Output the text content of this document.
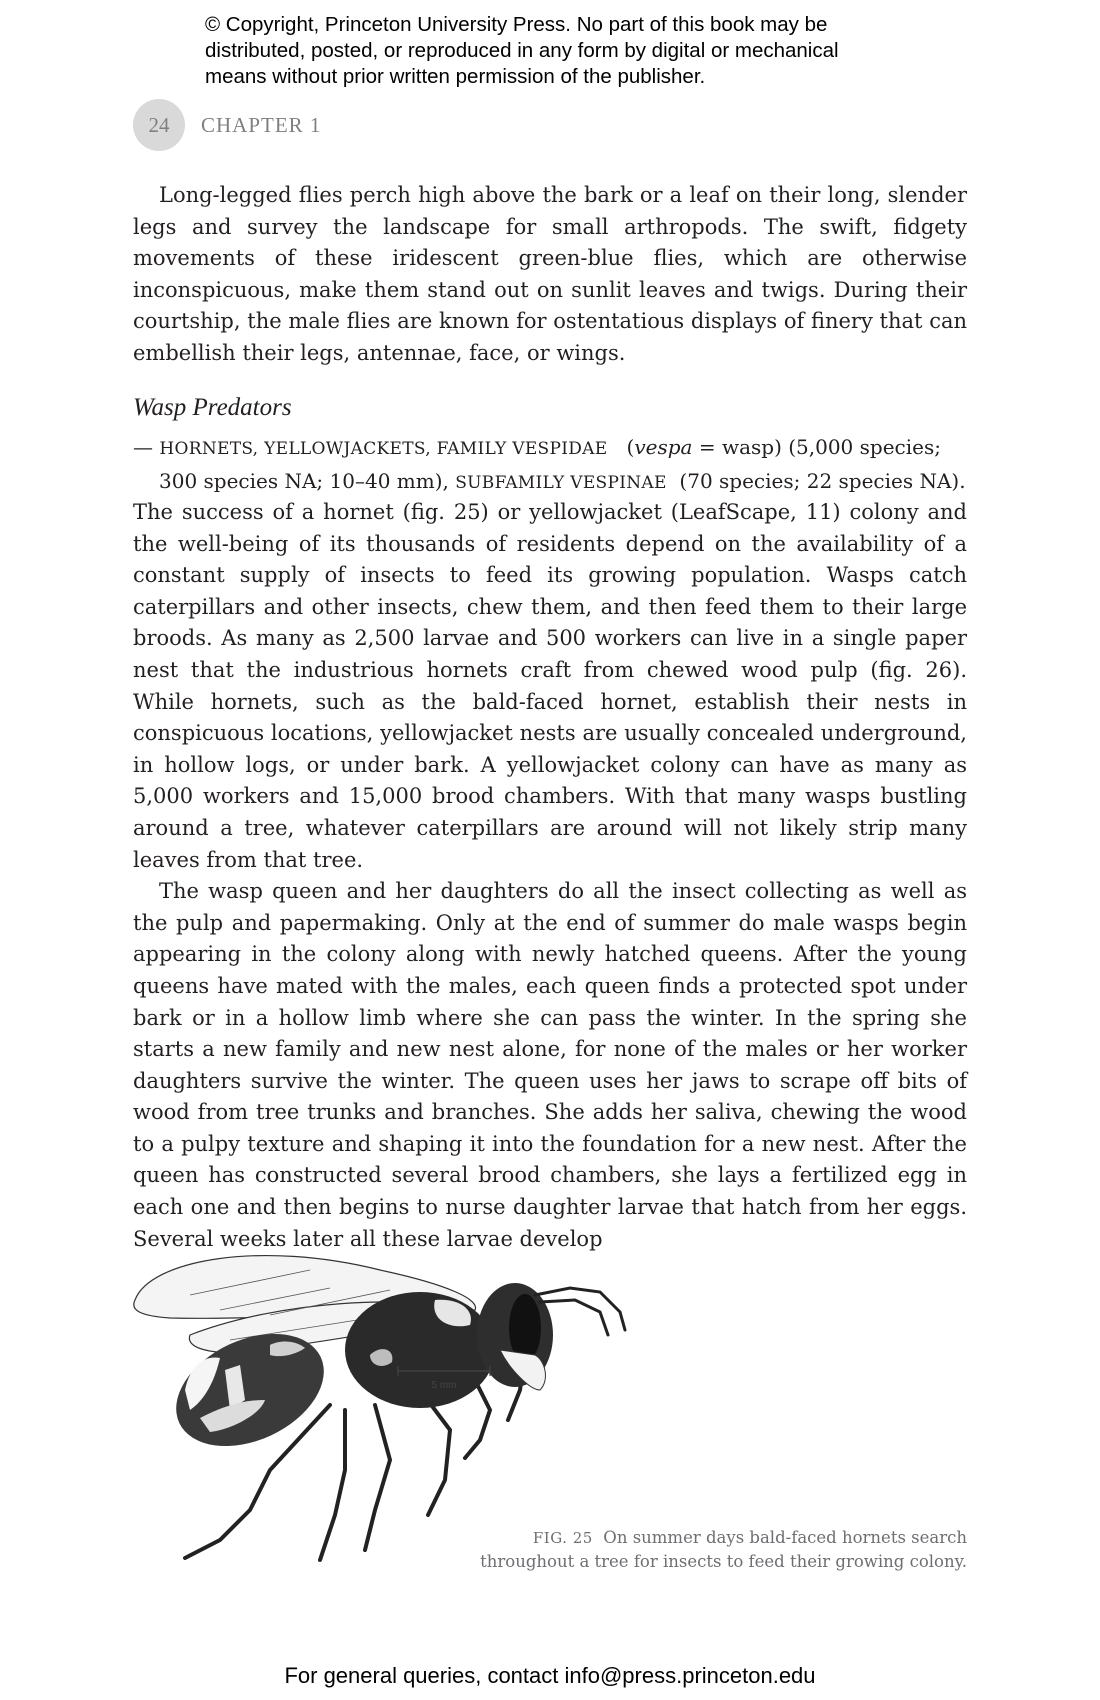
© Copyright, Princeton University Press. No part of this book may be
distributed, posted, or reproduced in any form by digital or mechanical
means without prior written permission of the publisher.
24	CHAPTER 1

Long-legged flies perch high above the bark or a leaf on their long, slender legs and survey the landscape for small arthropods. The swift, fidgety movements of these iridescent green-blue flies, which are otherwise inconspicuous, make them stand out on sunlit leaves and twigs. During their courtship, the male flies are known for ostentatious displays of finery that can embellish their legs, antennae, face, or wings.

Wasp Predators
— HORNETS, YELLOWJACKETS, FAMILY VESPIDAE (vespa = wasp) (5,000 species;
300 species NA; 10–40 mm), SUBFAMILY VESPINAE (70 species; 22 species NA).

The success of a hornet (fig. 25) or yellowjacket (LeafScape, 11) colony and the well-being of its thousands of residents depend on the availability of a constant supply of insects to feed its growing population. Wasps catch caterpillars and other insects, chew them, and then feed them to their large broods. As many as 2,500 larvae and 500 workers can live in a single paper nest that the industrious hornets craft from chewed wood pulp (fig. 26). While hornets, such as the bald-faced hornet, establish their nests in conspicuous locations, yellowjacket nests are usually concealed underground, in hollow logs, or under bark. A yellowjacket colony can have as many as 5,000 workers and 15,000 brood chambers. With that many wasps bustling around a tree, whatever caterpillars are around will not likely strip many leaves from that tree.

The wasp queen and her daughters do all the insect collecting as well as the pulp and papermaking. Only at the end of summer do male wasps begin appearing in the colony along with newly hatched queens. After the young queens have mated with the males, each queen finds a protected spot under bark or in a hollow limb where she can pass the winter. In the spring she starts a new family and new nest alone, for none of the males or her worker daughters survive the winter. The queen uses her jaws to scrape off bits of wood from tree trunks and branches. She adds her saliva, chewing the wood to a pulpy texture and shaping it into the foundation for a new nest. After the queen has constructed several brood chambers, she lays a fertilized egg in each one and then begins to nurse daughter larvae that hatch from her eggs. Several weeks later all these larvae develop

5 mm
FIG. 25 On summer days bald-faced hornets search throughout a tree for insects to feed their growing colony.
For general queries, contact info@press.princeton.edu
